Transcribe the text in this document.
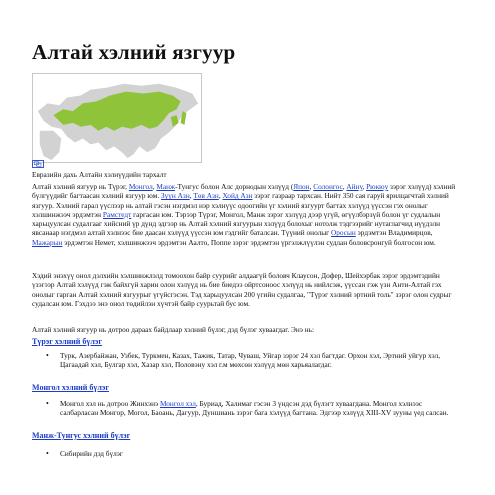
Алтай хэлний язгуур
Евразийн дахь Алтайн хэлнүүдийн тархалт

Алтай хэлний язгуур нь Түрэг, Монгол, Манж-Тунгус болон Алс дорнодын хэлүүд (Япон, Солонгос, Айну, Рюкюу зэрэг хэлүүд) хэлний бүлгүүдийг багтаасан хэлний язгуур юм. Зүүн Азн, Төв Азн, Хойд Азн зэрэг газраар тархсан. Нийт 350 сая гаруй ярилцагчтай хэлний язгуур. Хэлний гарал үүслээр нь алтай гэсэн нэгдмэл нэр хэлнүүс одоогийн үг хэлний язгуурт багтах хэлүүд үүссэн гэх онолыг хэлшинжээч эрдэмтэн Рамстедт гаргасан юм. Тэрээр Түрэг, Монгол, Манж зэрэг хэлүүд дээр үгүй, өгүүлбэрзүй болон үг судлалын харьцуулсан судалгааг хийсний үр дүнд эдгээр нь Алтай хэлний язгуурын хэлүүд болохыг нотолж тэдгээрийг нутаглагчид нүүдэлн явсанаар нэгдмэл алтай хэлнээс бие даасан хэлүүд үүссэн юм гэдгийг баталсан. Түүний онолыг Оросын эрдэмтэн Владимирцов, Мажарын эрдэмтэн Немет, хэлшинжээч эрдэмтэн Аалто, Поппе зэрэг эрдэмтэн үргэлжлүүлэн судлан боловсронгуй болгосон юм.

Хэдий энэхүү онол дэлхийн хэлшинжлэлд томоохон байр суурийг алдаагүй боловч Клаусон, Дофер, Шейхэрбак зэрэг эрдэмтэдийн үзэгээр Алтай хэлүүд гэж байхгүй харин олон хэлүүд нь бие биедээ ойртсоноос хэлүүд нь нийлсэж, үүссан гэж үзн Анти-Алтай гэх онолыг гарган Алтай хэлний язгуурыг үгүйсгэсэн. Тэд харьцуулсан 200 үгийн судалгаа, "Түрэг хэлний эртний толь" зэрэг олон судрыг судалсан юм. Гэхдээ энэ онол төдийлэн хүчтэй байр суурьтай бус юм.

Алтай хэлний язгуур нь дотроо дараах байдлаар хэлний бүлэг, дэд бүлэг хуваагдаг. Энэ нь:

Түрэг хэлний бүлэг
• Турк, Азербайжан, Узбек, Туркмен, Казах, Тажик, Татар, Чуваш, Уйгар зэрэг 24 хэл багтдаг. Орхон хэл, Эртний уйгур хэл, Цагаадай хэл, Булгар хэл, Хазар хэл, Половэну хэл г.м мөхсөн хэлүүд мөн харьяалагдаг.
Монгол хэлний бүлэг
• Монгол хэл нь дотроо Жинхэнэ Монгол хэл, Буриад, Халимаг гэсэн 3 үндсэн дэд бүлэгт хуваагдана. Монгол хэлнээс салбарласан Монгор, Могол, Баоань, Дагуур, Дуншиань зэрэг бага хэлүүд багтана. Эдгээр хэлүүд XIII-XV зууны үед салсан.
Манж-Тунгус хэлний бүлэг
• Сибирийн дэд бүлэг
